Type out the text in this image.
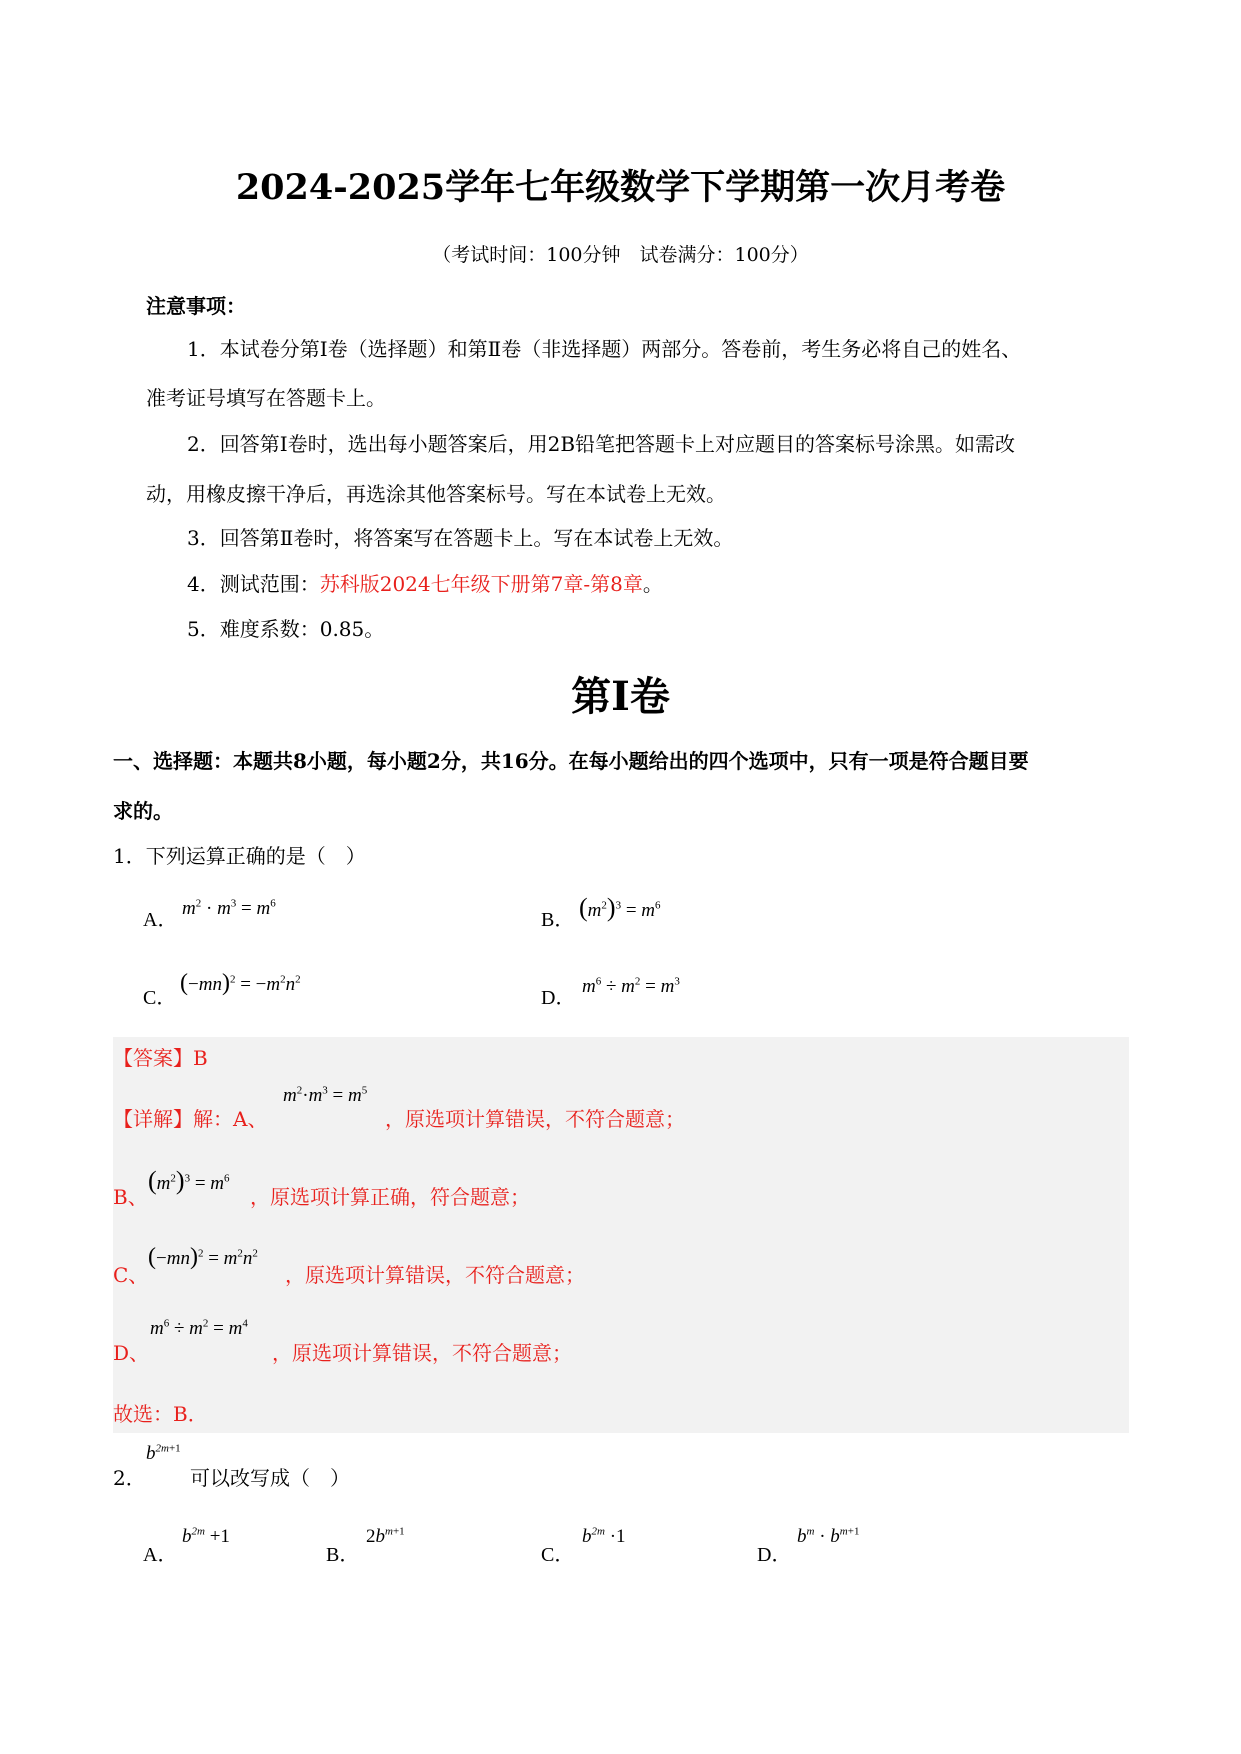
2024-2025学年七年级数学下学期第一次月考卷
（考试时间：100分钟　试卷满分：100分）
注意事项：
1．本试卷分第Ⅰ卷（选择题）和第Ⅱ卷（非选择题）两部分。答卷前，考生务必将自己的姓名、
准考证号填写在答题卡上。
2．回答第Ⅰ卷时，选出每小题答案后，用2B铅笔把答题卡上对应题目的答案标号涂黑。如需改
动，用橡皮擦干净后，再选涂其他答案标号。写在本试卷上无效。
3．回答第Ⅱ卷时，将答案写在答题卡上。写在本试卷上无效。
4．测试范围：苏科版2024七年级下册第7章-第8章。
5．难度系数：0.85。
第Ⅰ卷
一、选择题：本题共8小题，每小题2分，共16分。在每小题给出的四个选项中，只有一项是符合题目要
求的。
1．下列运算正确的是（　）
A．
$m^2 \cdot m^3 = m^6$
B． $(m^2)^3 = m^6$
C．
$(-mn)^2 = -m^2n^2$
D．
$m^6 \div m^2 = m^3$
【答案】B
【详解】解：A、
$m^2\cdot m^3 = m^5$
，原选项计算错误，不符合题意；
B、
$(m^2)^3 = m^6$
，原选项计算正确，符合题意；
C、
$(-mn)^2 = m^2n^2$
，原选项计算错误，不符合题意；
D、
$m^6 \div m^2 = m^4$
，原选项计算错误，不符合题意；
故选：B．
2．
$b^{2m+1}$
可以改写成（　）
A．
$b^{2m} +1$
B．
$2b^{m+1}$
C．
$b^{2m} \cdot 1$
D．
$b^m \cdot b^{m+1}$
